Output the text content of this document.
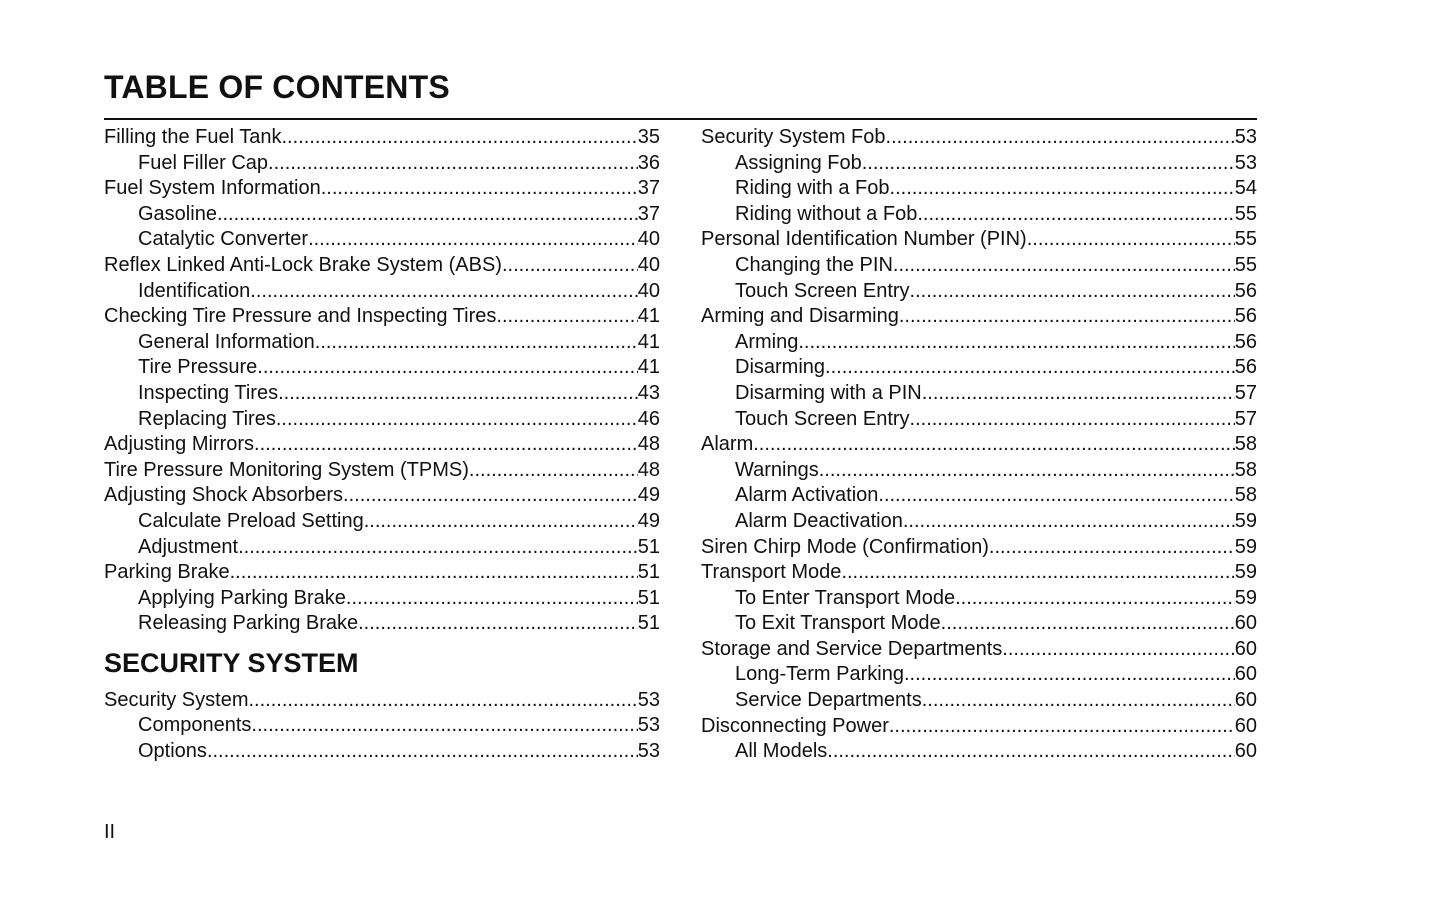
TABLE OF CONTENTS
Filling the Fuel Tank .....	35
Fuel Filler Cap .....	36
Fuel System Information .....	37
Gasoline .....	37
Catalytic Converter .....	40
Reflex Linked Anti-Lock Brake System (ABS) .....	40
Identification .....	40
Checking Tire Pressure and Inspecting Tires .....	41
General Information .....	41
Tire Pressure .....	41
Inspecting Tires .....	43
Replacing Tires .....	46
Adjusting Mirrors .....	48
Tire Pressure Monitoring System (TPMS) .....	48
Adjusting Shock Absorbers .....	49
Calculate Preload Setting .....	49
Adjustment .....	51
Parking Brake .....	51
Applying Parking Brake .....	51
Releasing Parking Brake .....	51
SECURITY SYSTEM
Security System .....	53
Components .....	53
Options .....	53
Security System Fob .....	53
Assigning Fob .....	53
Riding with a Fob .....	54
Riding without a Fob .....	55
Personal Identification Number (PIN) .....	55
Changing the PIN .....	55
Touch Screen Entry .....	56
Arming and Disarming .....	56
Arming .....	56
Disarming .....	56
Disarming with a PIN .....	57
Touch Screen Entry .....	57
Alarm .....	58
Warnings .....	58
Alarm Activation .....	58
Alarm Deactivation .....	59
Siren Chirp Mode (Confirmation) .....	59
Transport Mode .....	59
To Enter Transport Mode .....	59
To Exit Transport Mode .....	60
Storage and Service Departments .....	60
Long-Term Parking .....	60
Service Departments .....	60
Disconnecting Power .....	60
All Models .....	60
II
